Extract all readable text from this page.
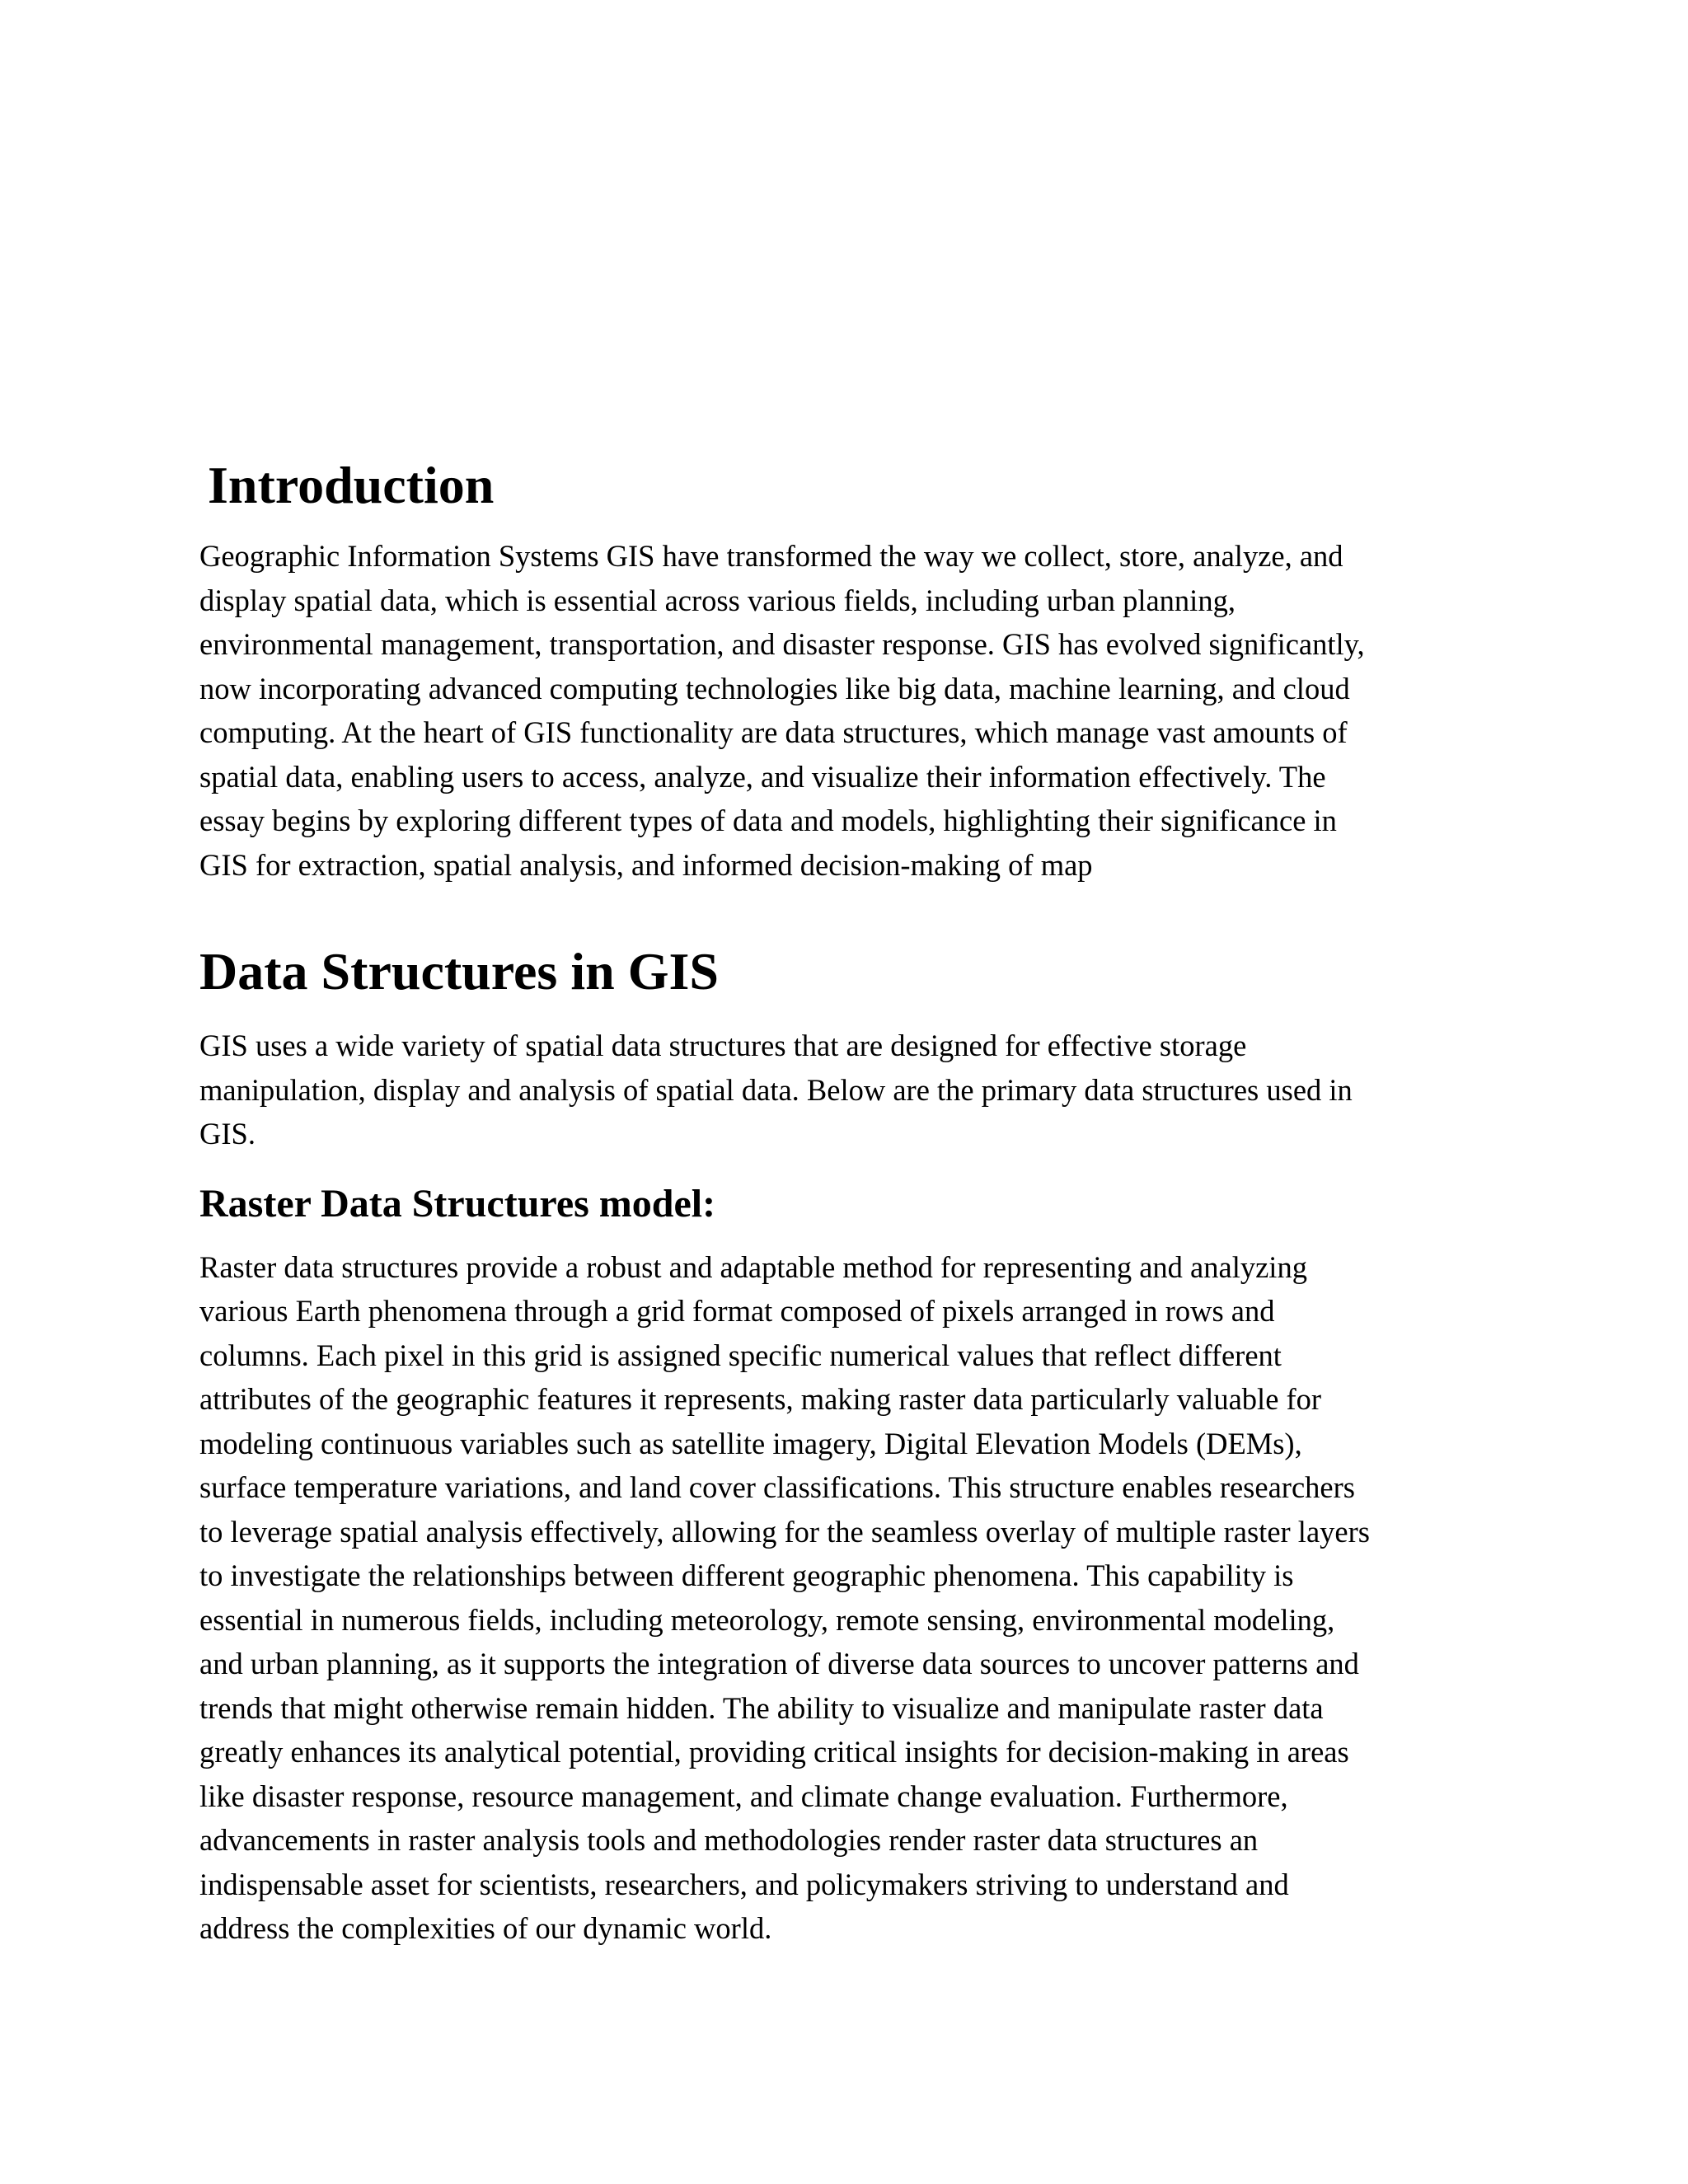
Introduction

Geographic Information Systems GIS have transformed the way we collect, store, analyze, and
display spatial data, which is essential across various fields, including urban planning,
environmental management, transportation, and disaster response. GIS has evolved significantly,
now incorporating advanced computing technologies like big data, machine learning, and cloud
computing. At the heart of GIS functionality are data structures, which manage vast amounts of
spatial data, enabling users to access, analyze, and visualize their information effectively. The
essay begins by exploring different types of data and models, highlighting their significance in
GIS for extraction, spatial analysis, and informed decision-making of map

Data Structures in GIS

GIS uses a wide variety of spatial data structures that are designed for effective storage
manipulation, display and analysis of spatial data. Below are the primary data structures used in
GIS.

Raster Data Structures model:

Raster data structures provide a robust and adaptable method for representing and analyzing
various Earth phenomena through a grid format composed of pixels arranged in rows and
columns. Each pixel in this grid is assigned specific numerical values that reflect different
attributes of the geographic features it represents, making raster data particularly valuable for
modeling continuous variables such as satellite imagery, Digital Elevation Models (DEMs),
surface temperature variations, and land cover classifications. This structure enables researchers
to leverage spatial analysis effectively, allowing for the seamless overlay of multiple raster layers
to investigate the relationships between different geographic phenomena. This capability is
essential in numerous fields, including meteorology, remote sensing, environmental modeling,
and urban planning, as it supports the integration of diverse data sources to uncover patterns and
trends that might otherwise remain hidden. The ability to visualize and manipulate raster data
greatly enhances its analytical potential, providing critical insights for decision-making in areas
like disaster response, resource management, and climate change evaluation. Furthermore,
advancements in raster analysis tools and methodologies render raster data structures an
indispensable asset for scientists, researchers, and policymakers striving to understand and
address the complexities of our dynamic world.
